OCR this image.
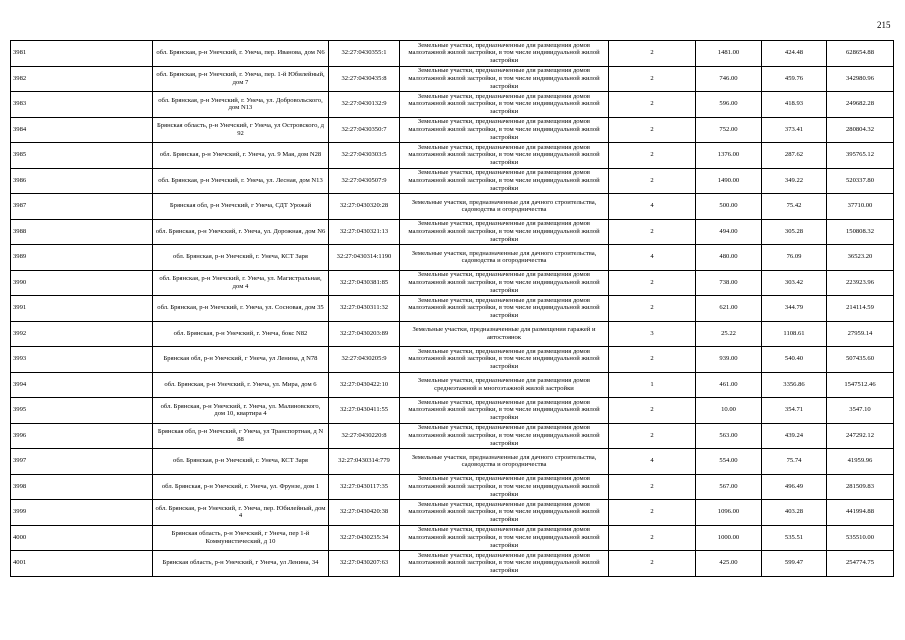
215
3981	обл. Брянская, р-н Унечский, г. Унеча, пер. Иванова, дом N6	32:27:0430355:1	Земельные участки, предназначенные для размещения домов малоэтажной жилой застройки, в том числе индивидуальной жилой застройки	2	1481.00	424.48	628654.88
3982	обл. Брянская, р-н Унечский, г. Унеча, пер. 1-й Юбилейный, дом 7	32:27:0430435:8	Земельные участки, предназначенные для размещения домов малоэтажной жилой застройки, в том числе индивидуальной жилой застройки	2	746.00	459.76	342980.96
3983	обл. Брянская, р-н Унечский, г. Унеча, ул. Добровольского, дом N13	32:27:0430132:9	Земельные участки, предназначенные для размещения домов малоэтажной жилой застройки, в том числе индивидуальной жилой застройки	2	596.00	418.93	249682.28
3984	Брянская область, р-н Унечский, г Унеча, ул Островского, д 92	32:27:0430350:7	Земельные участки, предназначенные для размещения домов малоэтажной жилой застройки, в том числе индивидуальной жилой застройки	2	752.00	373.41	280804.32
3985	обл. Брянская, р-н Унечский, г. Унеча, ул. 9 Мая, дом N28	32:27:0430303:5	Земельные участки, предназначенные для размещения домов малоэтажной жилой застройки, в том числе индивидуальной жилой застройки	2	1376.00	287.62	395765.12
3986	обл. Брянская, р-н Унечский, г. Унеча, ул. Лесная, дом N13	32:27:0430507:9	Земельные участки, предназначенные для размещения домов малоэтажной жилой застройки, в том числе индивидуальной жилой застройки	2	1490.00	349.22	520337.80
3987	Брянская обл, р-н Унечский, г Унеча, СДТ Урожай	32:27:0430320:28	Земельные участки, предназначенные для дачного строительства, садоводства и огородничества	4	500.00	75.42	37710.00
3988	обл. Брянская, р-н Унечский, г. Унеча, ул. Дорожная, дом N6	32:27:0430321:13	Земельные участки, предназначенные для размещения домов малоэтажной жилой застройки, в том числе индивидуальной жилой застройки	2	494.00	305.28	150808.32
3989	обл. Брянская, р-н Унечский, г. Унеча, КСТ Заря	32:27:0430314:1190	Земельные участки, предназначенные для дачного строительства, садоводства и огородничества	4	480.00	76.09	36523.20
3990	обл. Брянская, р-н Унечский, г. Унеча, ул. Магистральная, дом 4	32:27:0430381:85	Земельные участки, предназначенные для размещения домов малоэтажной жилой застройки, в том числе индивидуальной жилой застройки	2	738.00	303.42	223923.96
3991	обл. Брянская, р-н Унечский, г. Унеча, ул. Сосновая, дом 35	32:27:0430311:32	Земельные участки, предназначенные для размещения домов малоэтажной жилой застройки, в том числе индивидуальной жилой застройки	2	621.00	344.79	214114.59
3992	обл. Брянская, р-н Унечский, г. Унеча, бокс N82	32:27:0430203:89	Земельные участки, предназначенные для размещения гаражей и автостоянок	3	25.22	1108.61	27959.14
3993	Брянская обл, р-н Унечский, г Унеча, ул Ленина, д N78	32:27:0430205:9	Земельные участки, предназначенные для размещения домов малоэтажной жилой застройки, в том числе индивидуальной жилой застройки	2	939.00	540.40	507435.60
3994	обл. Брянская, р-н Унечский, г. Унеча, ул. Мира, дом 6	32:27:0430422:10	Земельные участки, предназначенные для размещения домов среднеэтажной и многоэтажной жилой застройки	1	461.00	3356.86	1547512.46
3995	обл. Брянская, р-н Унечский, г. Унеча, ул. Малиновского, дом 10, квартира 4	32:27:0430411:55	Земельные участки, предназначенные для размещения домов малоэтажной жилой застройки, в том числе индивидуальной жилой застройки	2	10.00	354.71	3547.10
3996	Брянская обл, р-н Унечский, г Унеча, ул Транспортная, д N 88	32:27:0430220:8	Земельные участки, предназначенные для размещения домов малоэтажной жилой застройки, в том числе индивидуальной жилой застройки	2	563.00	439.24	247292.12
3997	обл. Брянская, р-н Унечский, г. Унеча, КСТ Заря	32:27:0430314:779	Земельные участки, предназначенные для дачного строительства, садоводства и огородничества	4	554.00	75.74	41959.96
3998	обл. Брянская, р-н Унечский, г. Унеча, ул. Фрунзе, дом 1	32:27:0430117:35	Земельные участки, предназначенные для размещения домов малоэтажной жилой застройки, в том числе индивидуальной жилой застройки	2	567.00	496.49	281509.83
3999	обл. Брянская, р-н Унечский, г. Унеча, пер. Юбилейный, дом 4	32:27:0430420:38	Земельные участки, предназначенные для размещения домов малоэтажной жилой застройки, в том числе индивидуальной жилой застройки	2	1096.00	403.28	441994.88
4000	Брянская область, р-н Унечский, г Унеча, пер 1-й Коммунистический, д 10	32:27:0430235:34	Земельные участки, предназначенные для размещения домов малоэтажной жилой застройки, в том числе индивидуальной жилой застройки	2	1000.00	535.51	535510.00
4001	Брянская область, р-н Унечский, г Унеча, ул Ленина, 34	32:27:0430207:63	Земельные участки, предназначенные для размещения домов малоэтажной жилой застройки, в том числе индивидуальной жилой застройки	2	425.00	599.47	254774.75
